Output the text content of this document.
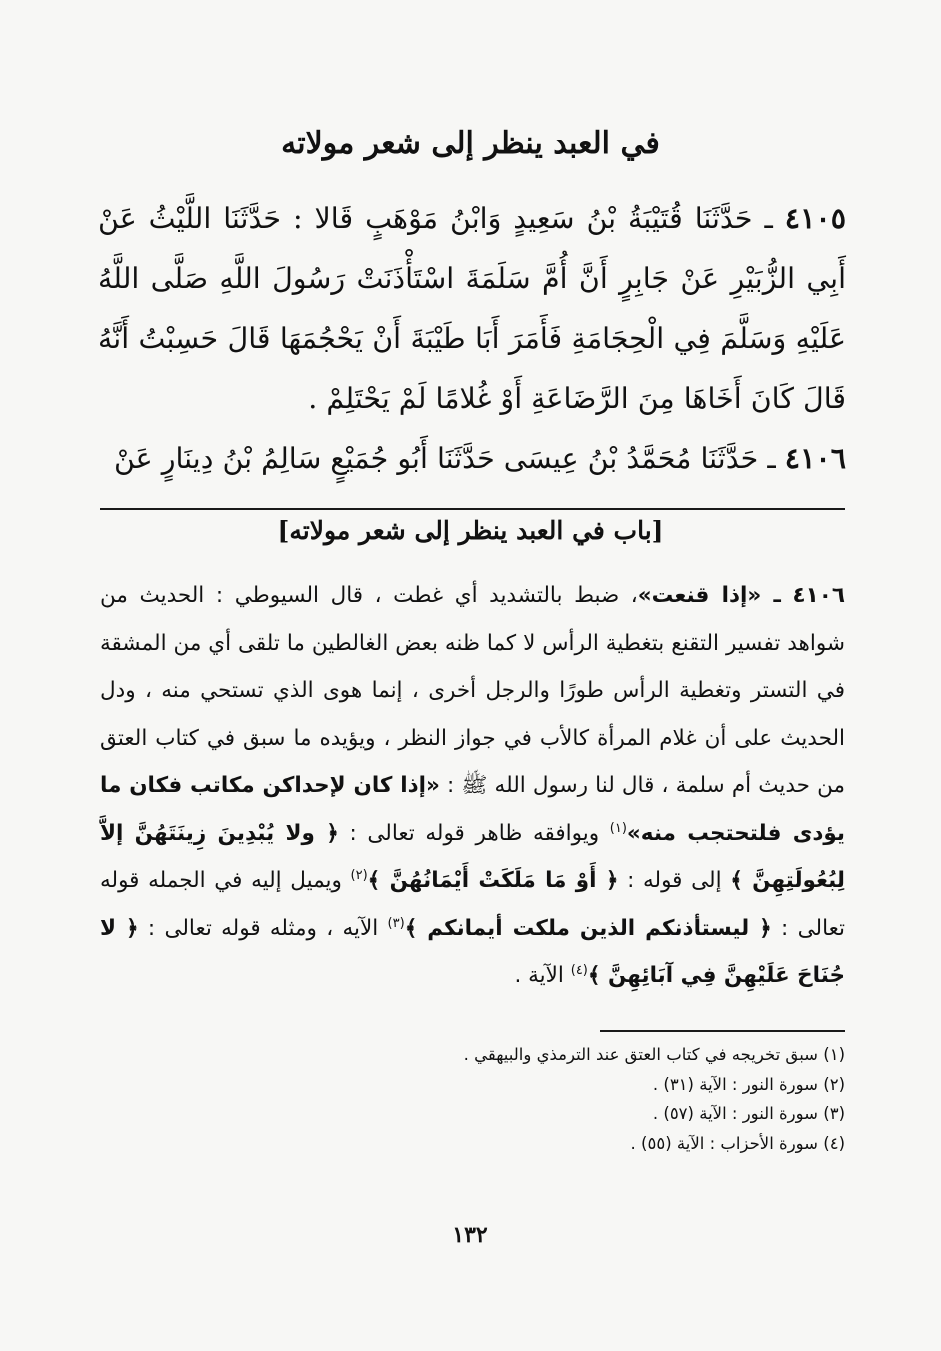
في العبد ينظر إلى شعر مولاته

٤١٠٥ ـ حَدَّثَنَا قُتَيْبَةُ بْنُ سَعِيدٍ وَابْنُ مَوْهَبٍ قَالا : حَدَّثَنَا اللَّيْثُ عَنْ أَبِي الزُّبَيْرِ عَنْ جَابِرٍ أَنَّ أُمَّ سَلَمَةَ اسْتَأْذَنَتْ رَسُولَ اللَّهِ صَلَّى اللَّهُ عَلَيْهِ وَسَلَّمَ فِي الْحِجَامَةِ فَأَمَرَ أَبَا طَيْبَةَ أَنْ يَحْجُمَهَا قَالَ حَسِبْتُ أَنَّهُ قَالَ كَانَ أَخَاهَا مِنَ الرَّضَاعَةِ أَوْ غُلامًا لَمْ يَحْتَلِمْ .

٤١٠٦ ـ حَدَّثَنَا مُحَمَّدُ بْنُ عِيسَى حَدَّثَنَا أَبُو جُمَيْعٍ سَالِمُ بْنُ دِينَارٍ عَنْ
[باب في العبد ينظر إلى شعر مولاته]

٤١٠٦ ـ «إذا قنعت»، ضبط بالتشديد أي غطت ، قال السيوطي : الحديث من شواهد تفسير التقنع بتغطية الرأس لا كما ظنه بعض الغالطين ما تلقى أي من المشقة في التستر وتغطية الرأس طورًا والرجل أخرى ، إنما هوى الذي تستحي منه ، ودل الحديث على أن غلام المرأة كالأب في جواز النظر ، ويؤيده ما سبق في كتاب العتق من حديث أم سلمة ، قال لنا رسول الله ﷺ : «إذا كان لإحداكن مكاتب فكان ما يؤدى فلتحتجب منه»$^{(١)}$ ويوافقه ظاهر قوله تعالى : ﴿ ولا يُبْدِينَ زِينَتَهُنَّ إلاَّ لِبُعُولَتِهِنَّ ﴾ إلى قوله : ﴿ أَوْ مَا مَلَكَتْ أَيْمَانُهُنَّ ﴾$^{(٢)}$ ويميل إليه في الجمله قوله تعالى : ﴿ ليستأذنكم الذين ملكت أيمانكم ﴾$^{(٣)}$ الآيه ، ومثله قوله تعالى : ﴿ لا جُنَاحَ عَلَيْهِنَّ فِي آبَائِهِنَّ ﴾$^{(٤)}$ الآية .

(١) سبق تخريجه في كتاب العتق عند الترمذي والبيهقي .
(٢) سورة النور : الآية (٣١) .
(٣) سورة النور : الآية (٥٧) .
(٤) سورة الأحزاب : الآية (٥٥) .
١٣٢
